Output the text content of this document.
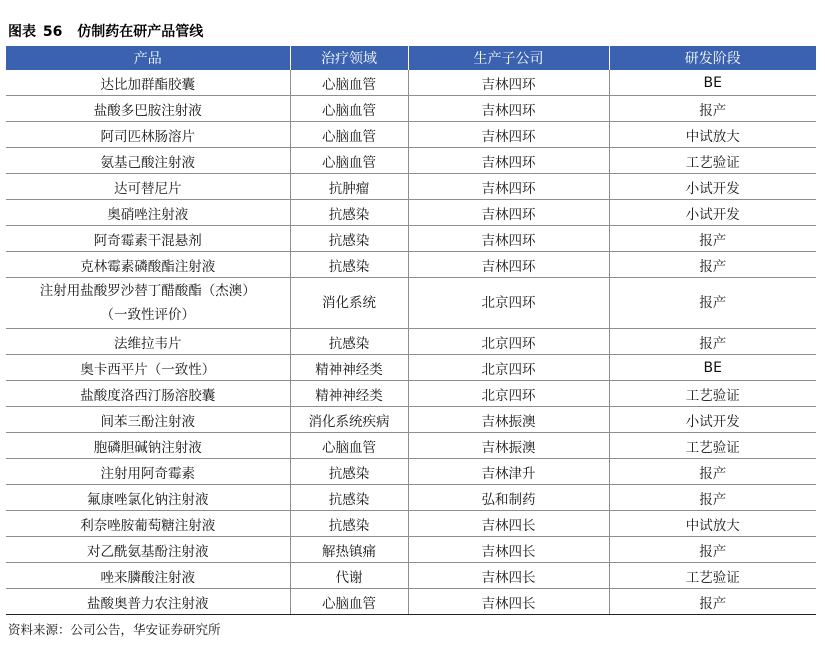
图表 56 仿制药在研产品管线
产品	治疗领域	生产子公司	研发阶段
达比加群酯胶囊	心脑血管	吉林四环	BE
盐酸多巴胺注射液	心脑血管	吉林四环	报产
阿司匹林肠溶片	心脑血管	吉林四环	中试放大
氨基己酸注射液	心脑血管	吉林四环	工艺验证
达可替尼片	抗肿瘤	吉林四环	小试开发
奥硝唑注射液	抗感染	吉林四环	小试开发
阿奇霉素干混悬剂	抗感染	吉林四环	报产
克林霉素磷酸酯注射液	抗感染	吉林四环	报产

注射用盐酸罗沙替丁醋酸酯（杰澳）
（一致性评价）	消化系统	北京四环	报产
法维拉韦片	抗感染	北京四环	报产
奥卡西平片（一致性）	精神神经类	北京四环	BE
盐酸度洛西汀肠溶胶囊	精神神经类	北京四环	工艺验证
间苯三酚注射液	消化系统疾病	吉林振澳	小试开发
胞磷胆碱钠注射液	心脑血管	吉林振澳	工艺验证
注射用阿奇霉素	抗感染	吉林津升	报产
氟康唑氯化钠注射液	抗感染	弘和制药	报产
利奈唑胺葡萄糖注射液	抗感染	吉林四长	中试放大
对乙酰氨基酚注射液	解热镇痛	吉林四长	报产
唑来膦酸注射液	代谢	吉林四长	工艺验证
盐酸奥普力农注射液	心脑血管	吉林四长	报产
资料来源：公司公告，华安证券研究所
